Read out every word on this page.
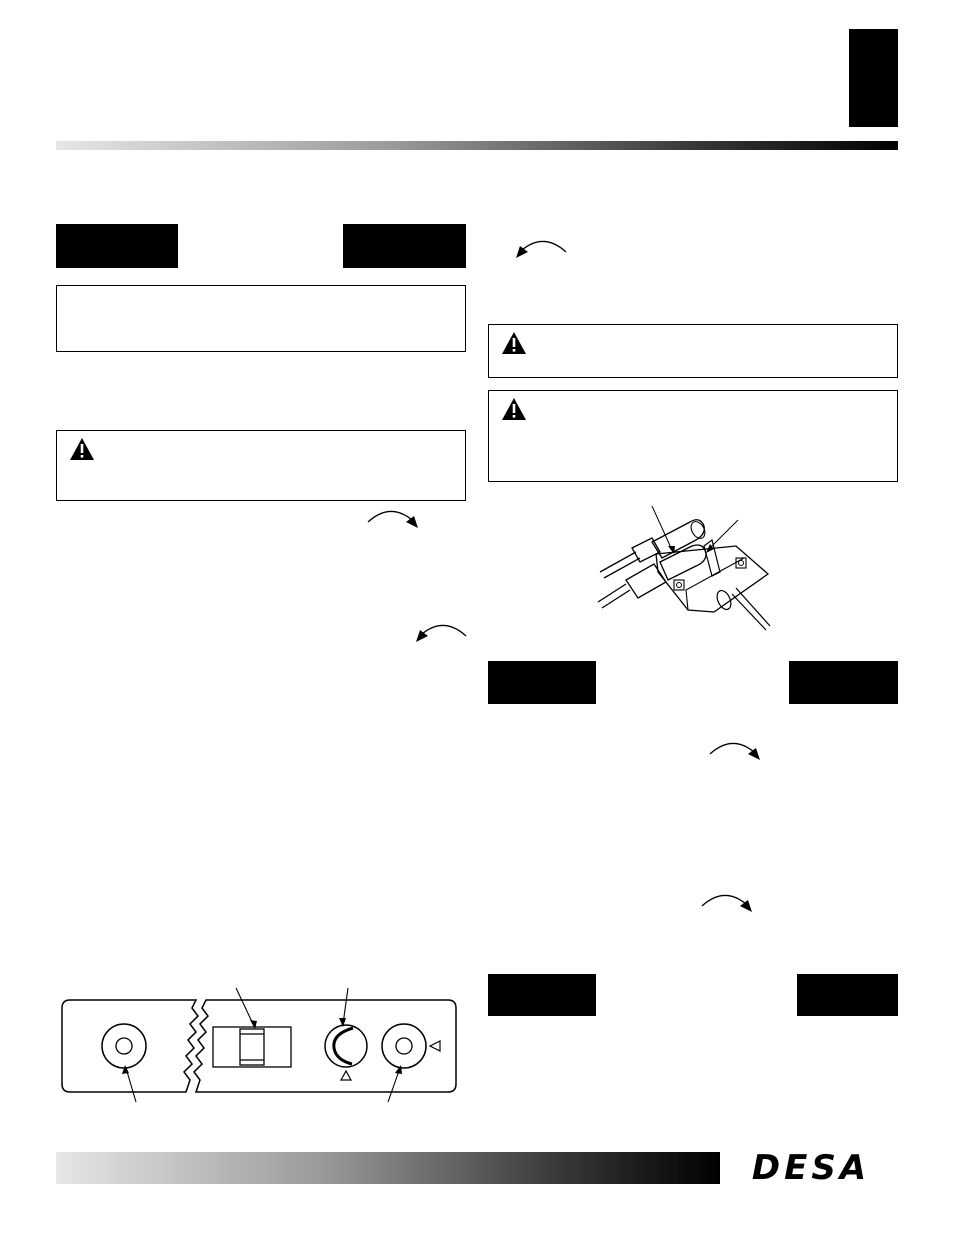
DESA
